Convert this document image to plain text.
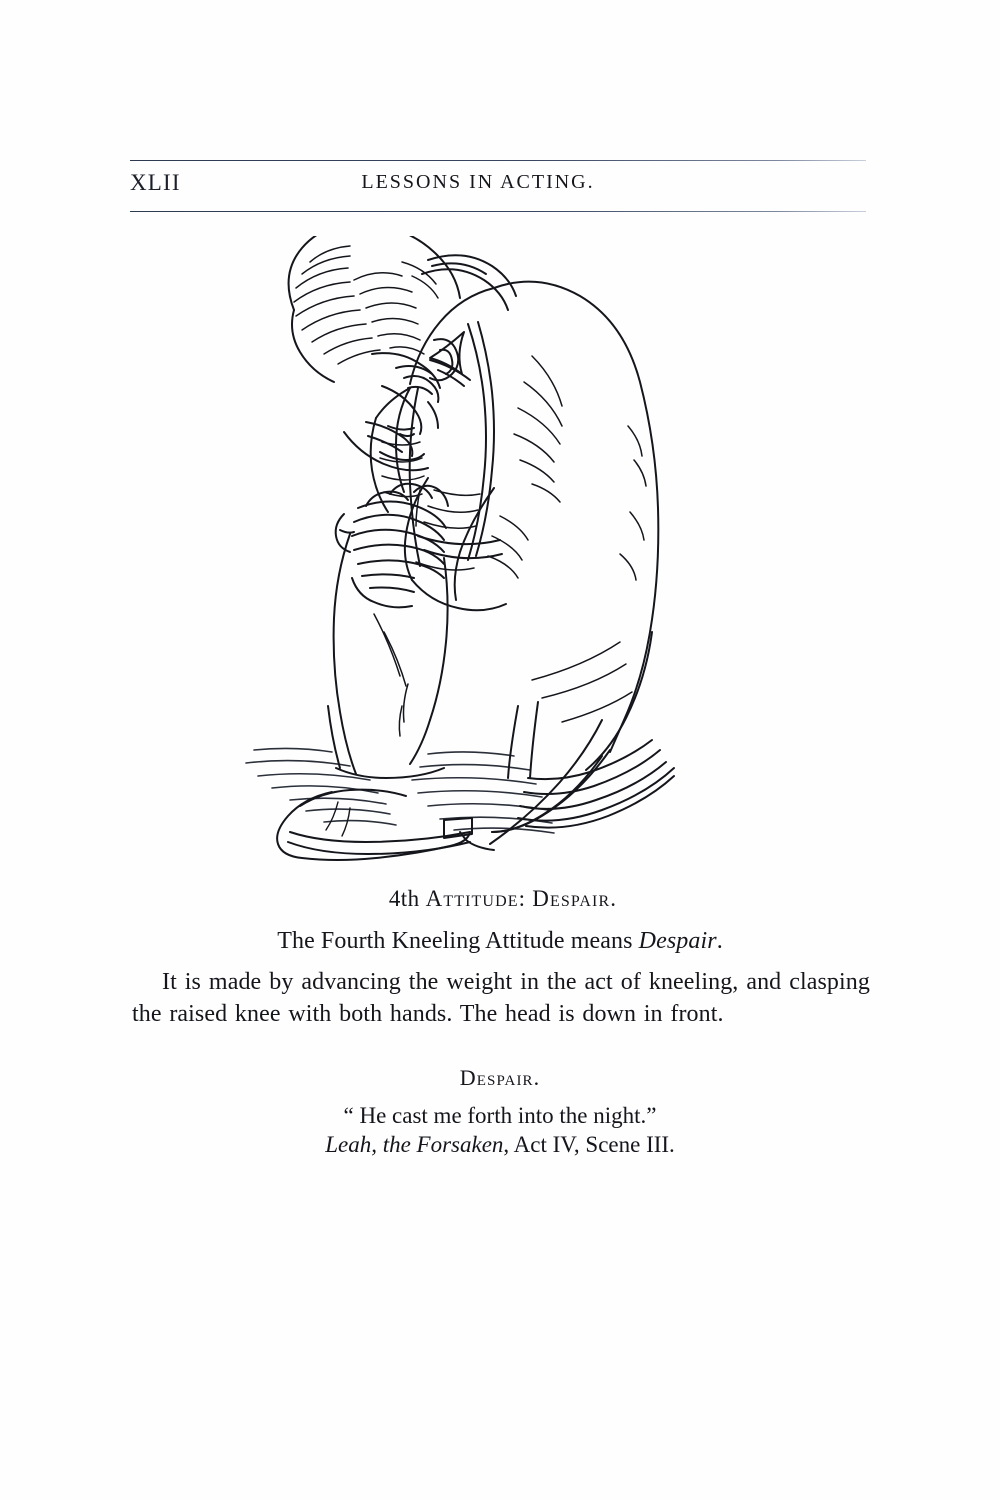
XLII	LESSONS IN ACTING.

4th Attitude: Despair.

The Fourth Kneeling Attitude means Despair.

It is made by advancing the weight in the act of kneeling, and clasping the raised knee with both hands. The head is down in front.

Despair.

“ He cast me forth into the night.”

Leah, the Forsaken, Act IV, Scene III.
